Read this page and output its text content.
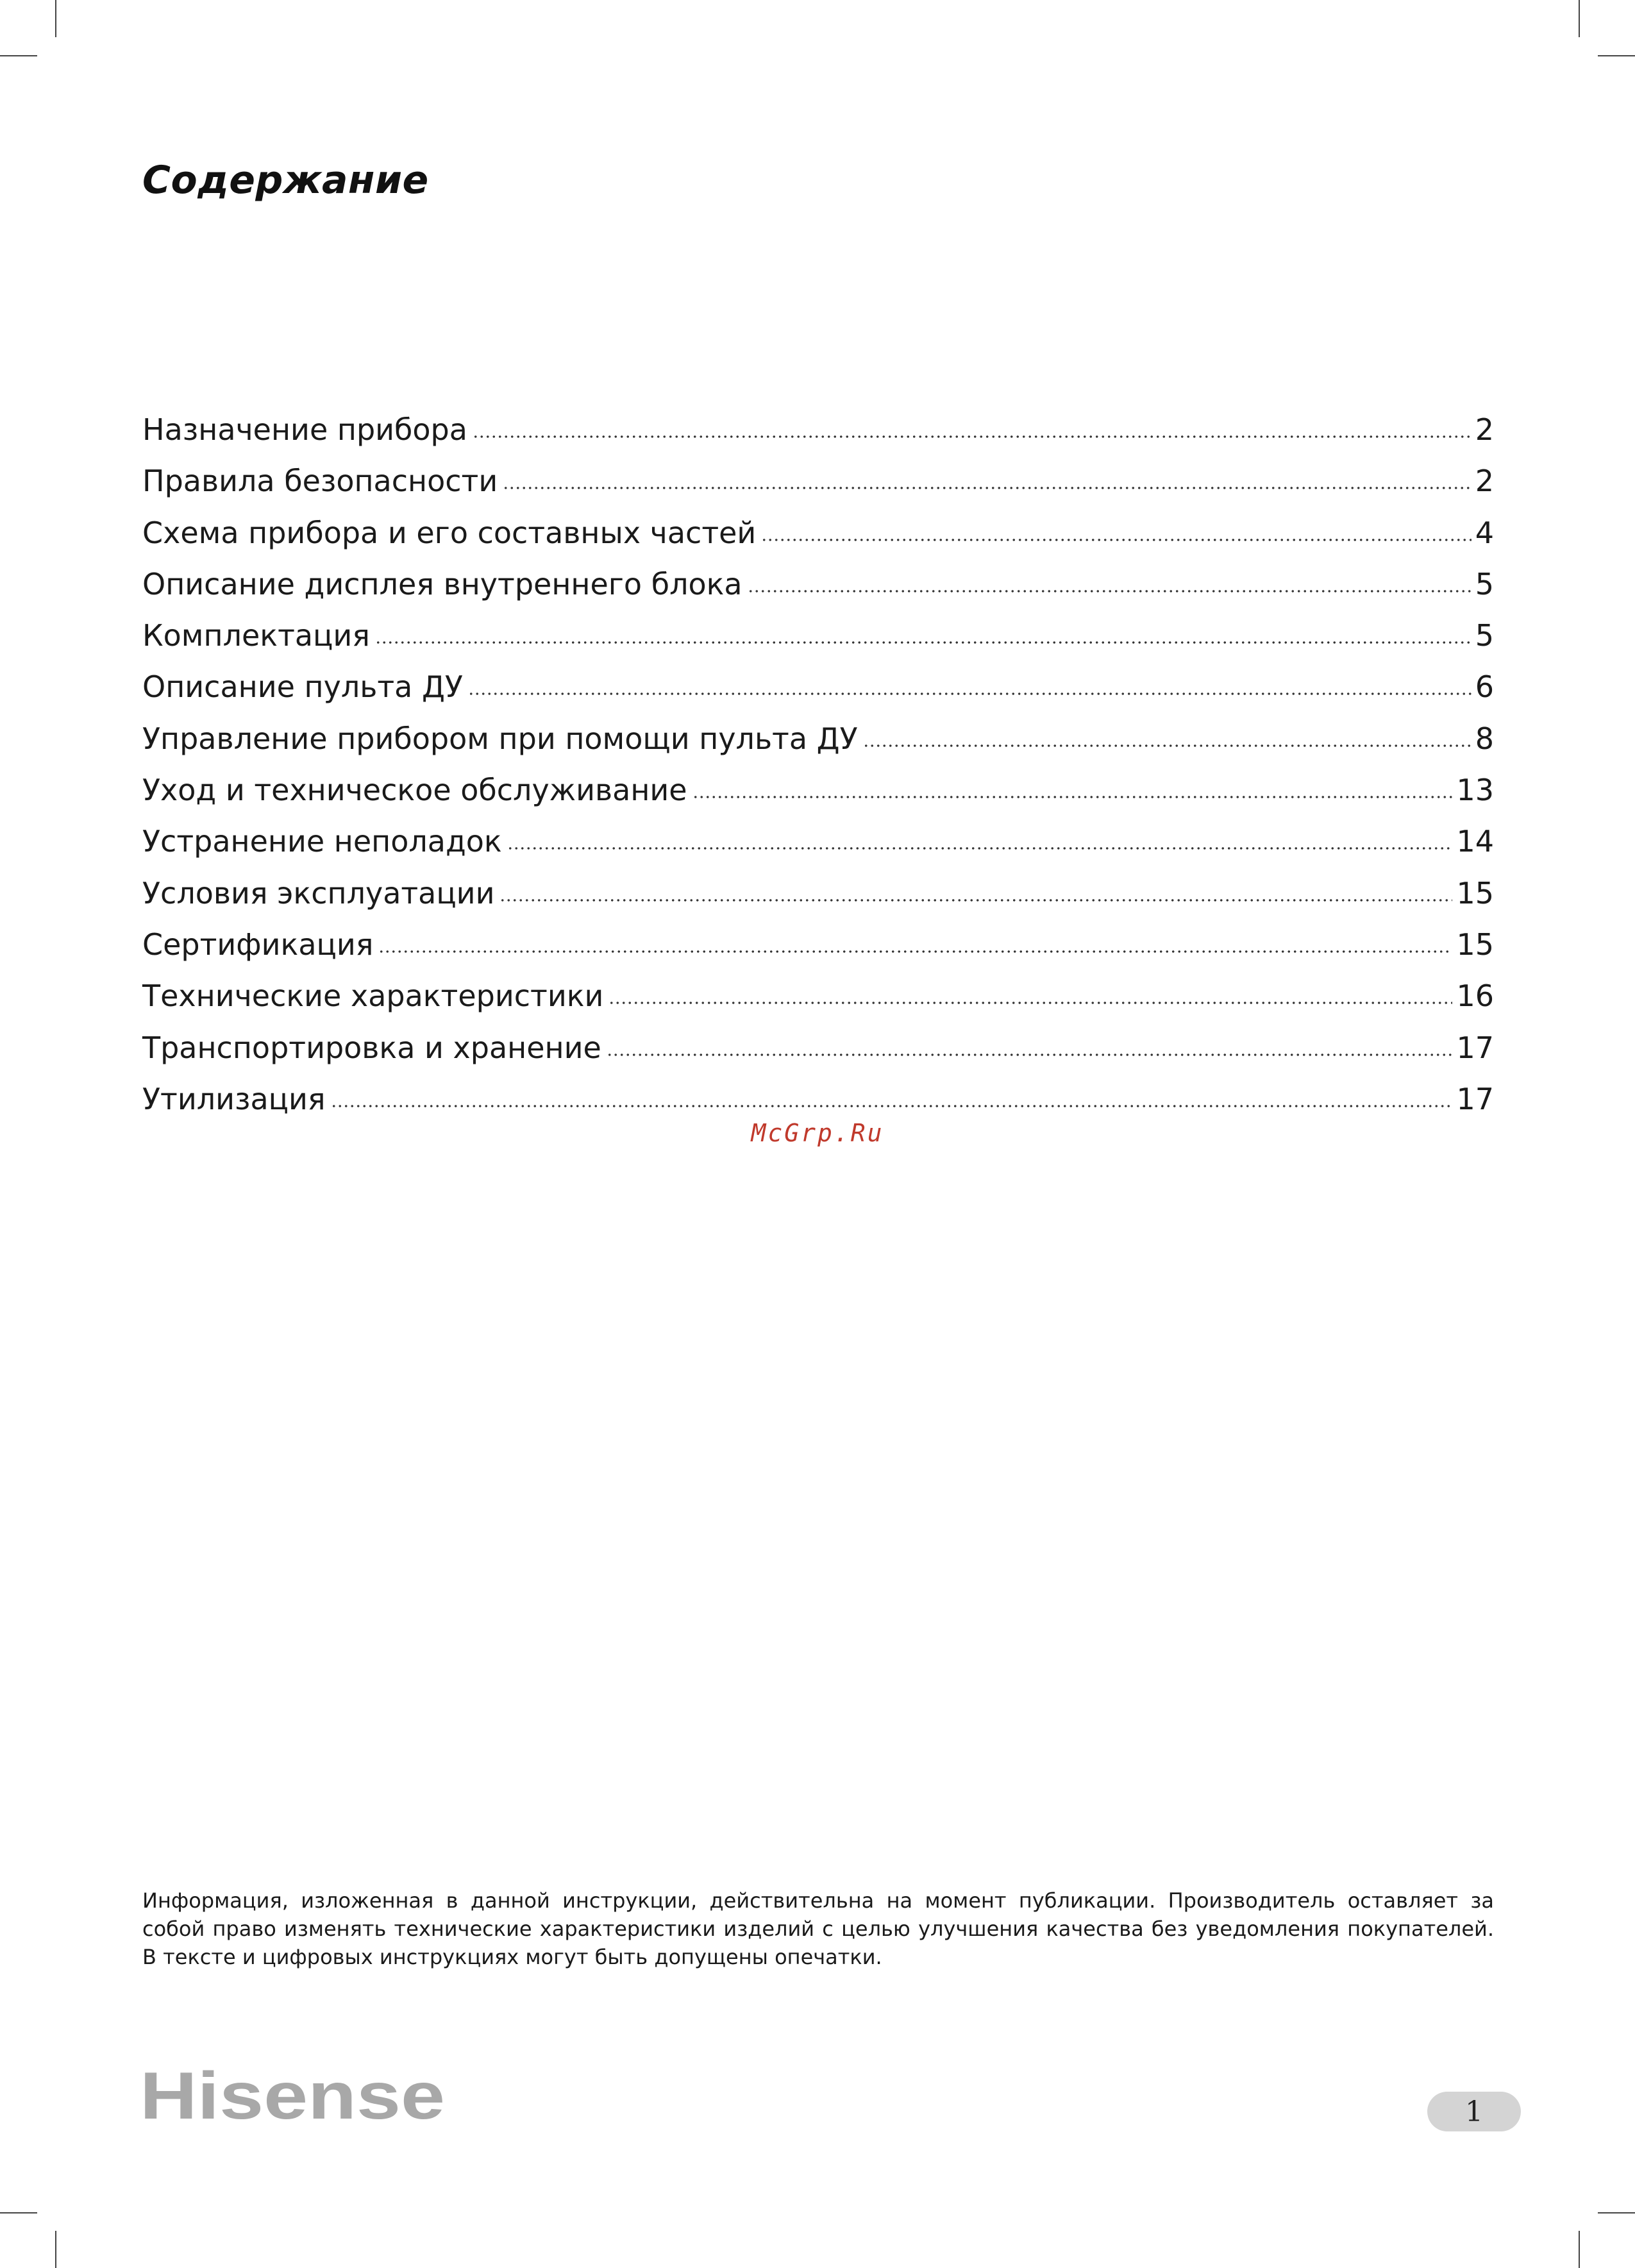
Содержание
Назначение прибора	2
Правила безопасности	2
Схема прибора и его составных частей	4
Описание дисплея внутреннего блока	5
Комплектация	5
Описание пульта ДУ	6
Управление прибором при помощи пульта ДУ	8
Уход и техническое обслуживание	13
Устранение неполадок	14
Условия эксплуатации	15
Сертификация	15
Технические характеристики	16
Транспортировка и хранение	17
Утилизация	17
McGrp.Ru

Информация, изложенная в данной инструкции, действительна на момент публикации. Производитель оставляет за собой право изменять технические характеристики изделий с целью улучшения качества без уведомления покупателей. В тексте и цифровых инструкциях могут быть допущены опечатки.

Hisense	1
